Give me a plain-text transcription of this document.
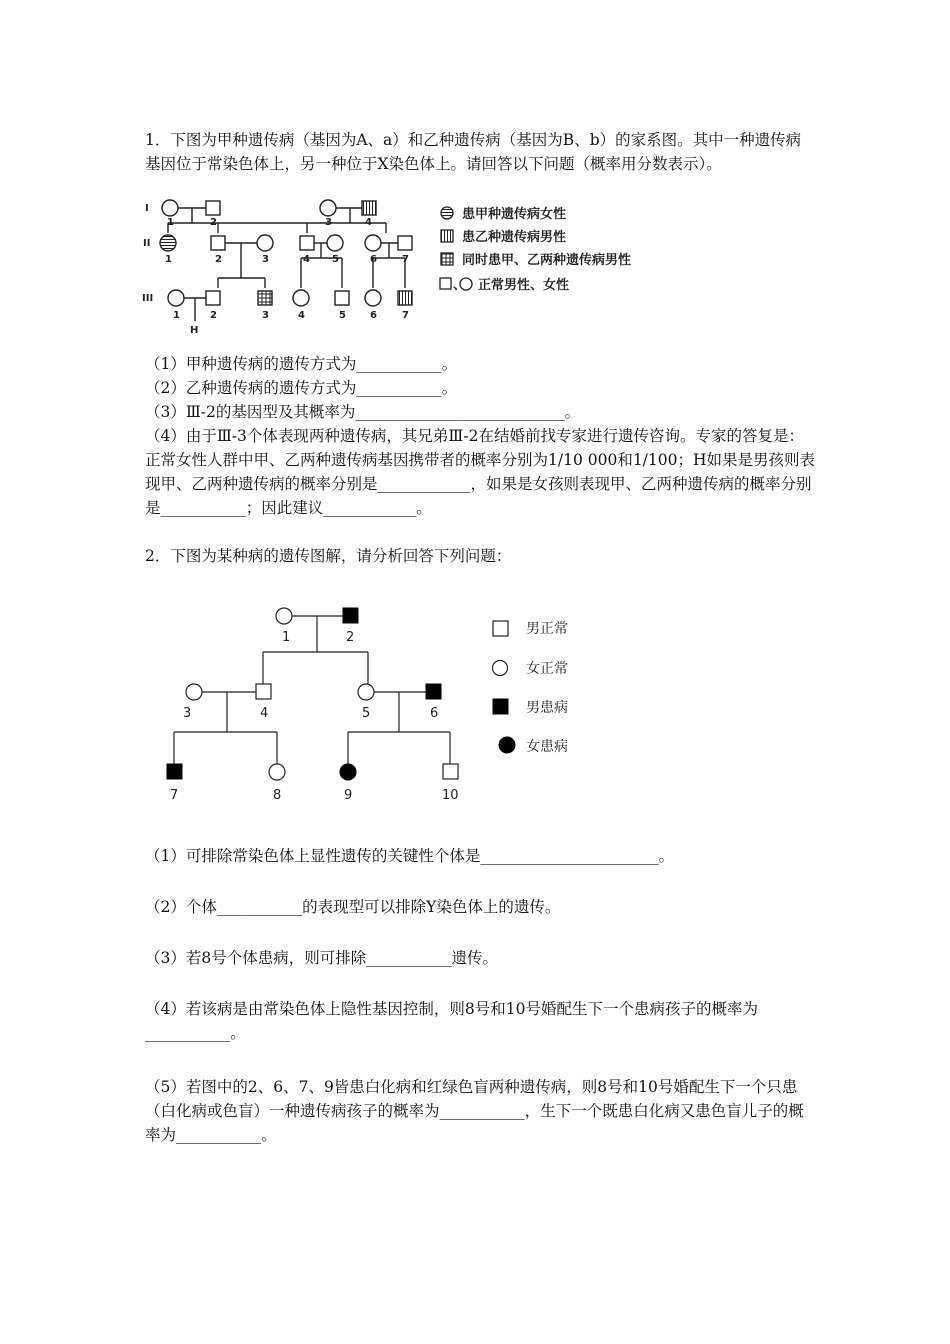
1．下图为甲种遗传病（基因为A、a）和乙种遗传病（基因为B、b）的家系图。其中一种遗传病基因位于常染色体上，另一种位于X染色体上。请回答以下问题（概率用分数表示）。

I
II
III
1	2	3	4
1	2	3	4 5	6	7
1	2	3	4	5 6	7
H
患甲种遗传病女性
患乙种遗传病男性
同时患甲、乙两种遗传病男性
、 正常男性、女性

（1）甲种遗传病的遗传方式为___________。

（2）乙种遗传病的遗传方式为___________。

（3）Ⅲ-2的基因型及其概率为___________________________。

（4）由于Ⅲ-3个体表现两种遗传病，其兄弟Ⅲ-2在结婚前找专家进行遗传咨询。专家的答复是：正常女性人群中甲、乙两种遗传病基因携带者的概率分别为1/10 000和1/100；H如果是男孩则表现甲、乙两种遗传病的概率分别是____________，如果是女孩则表现甲、乙两种遗传病的概率分别是___________；因此建议____________。

2．下图为某种病的遗传图解，请分析回答下列问题：

1	2
3	4	5	6
7	8	9	10
男正常
女正常
男患病
女患病

（1）可排除常染色体上显性遗传的关键性个体是_______________________。

（2）个体___________的表现型可以排除Y染色体上的遗传。

（3）若8号个体患病，则可排除___________遗传。

（4）若该病是由常染色体上隐性基因控制，则8号和10号婚配生下一个患病孩子的概率为___________。

（5）若图中的2、6、7、9皆患白化病和红绿色盲两种遗传病，则8号和10号婚配生下一个只患（白化病或色盲）一种遗传病孩子的概率为___________，生下一个既患白化病又患色盲儿子的概率为___________。
